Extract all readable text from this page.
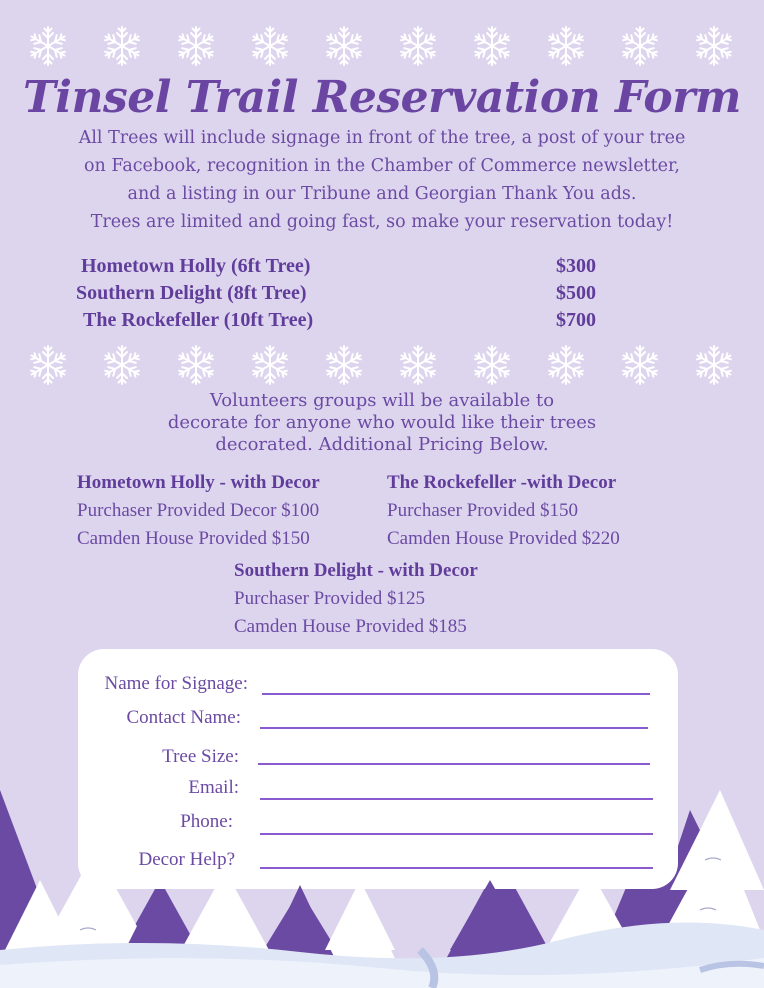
Tinsel Trail Reservation Form
All Trees will include signage in front of the tree, a post of your tree
on Facebook, recognition in the Chamber of Commerce newsletter,
and a listing in our Tribune and Georgian Thank You ads.
Trees are limited and going fast, so make your reservation today!
Hometown Holly (6ft Tree)	$300
Southern Delight (8ft Tree)	$500
The Rockefeller (10ft Tree)	$700
Volunteers groups will be available to
decorate for anyone who would like their trees
decorated. Additional Pricing Below.
Hometown Holly - with Decor
Purchaser Provided Decor $100
Camden House Provided $150
The Rockefeller -with Decor
Purchaser Provided $150
Camden House Provided $220
Southern Delight - with Decor
Purchaser Provided $125
Camden House Provided $185
Name for Signage:
Contact Name:
Tree Size:
Email:
Phone:
Decor Help?
